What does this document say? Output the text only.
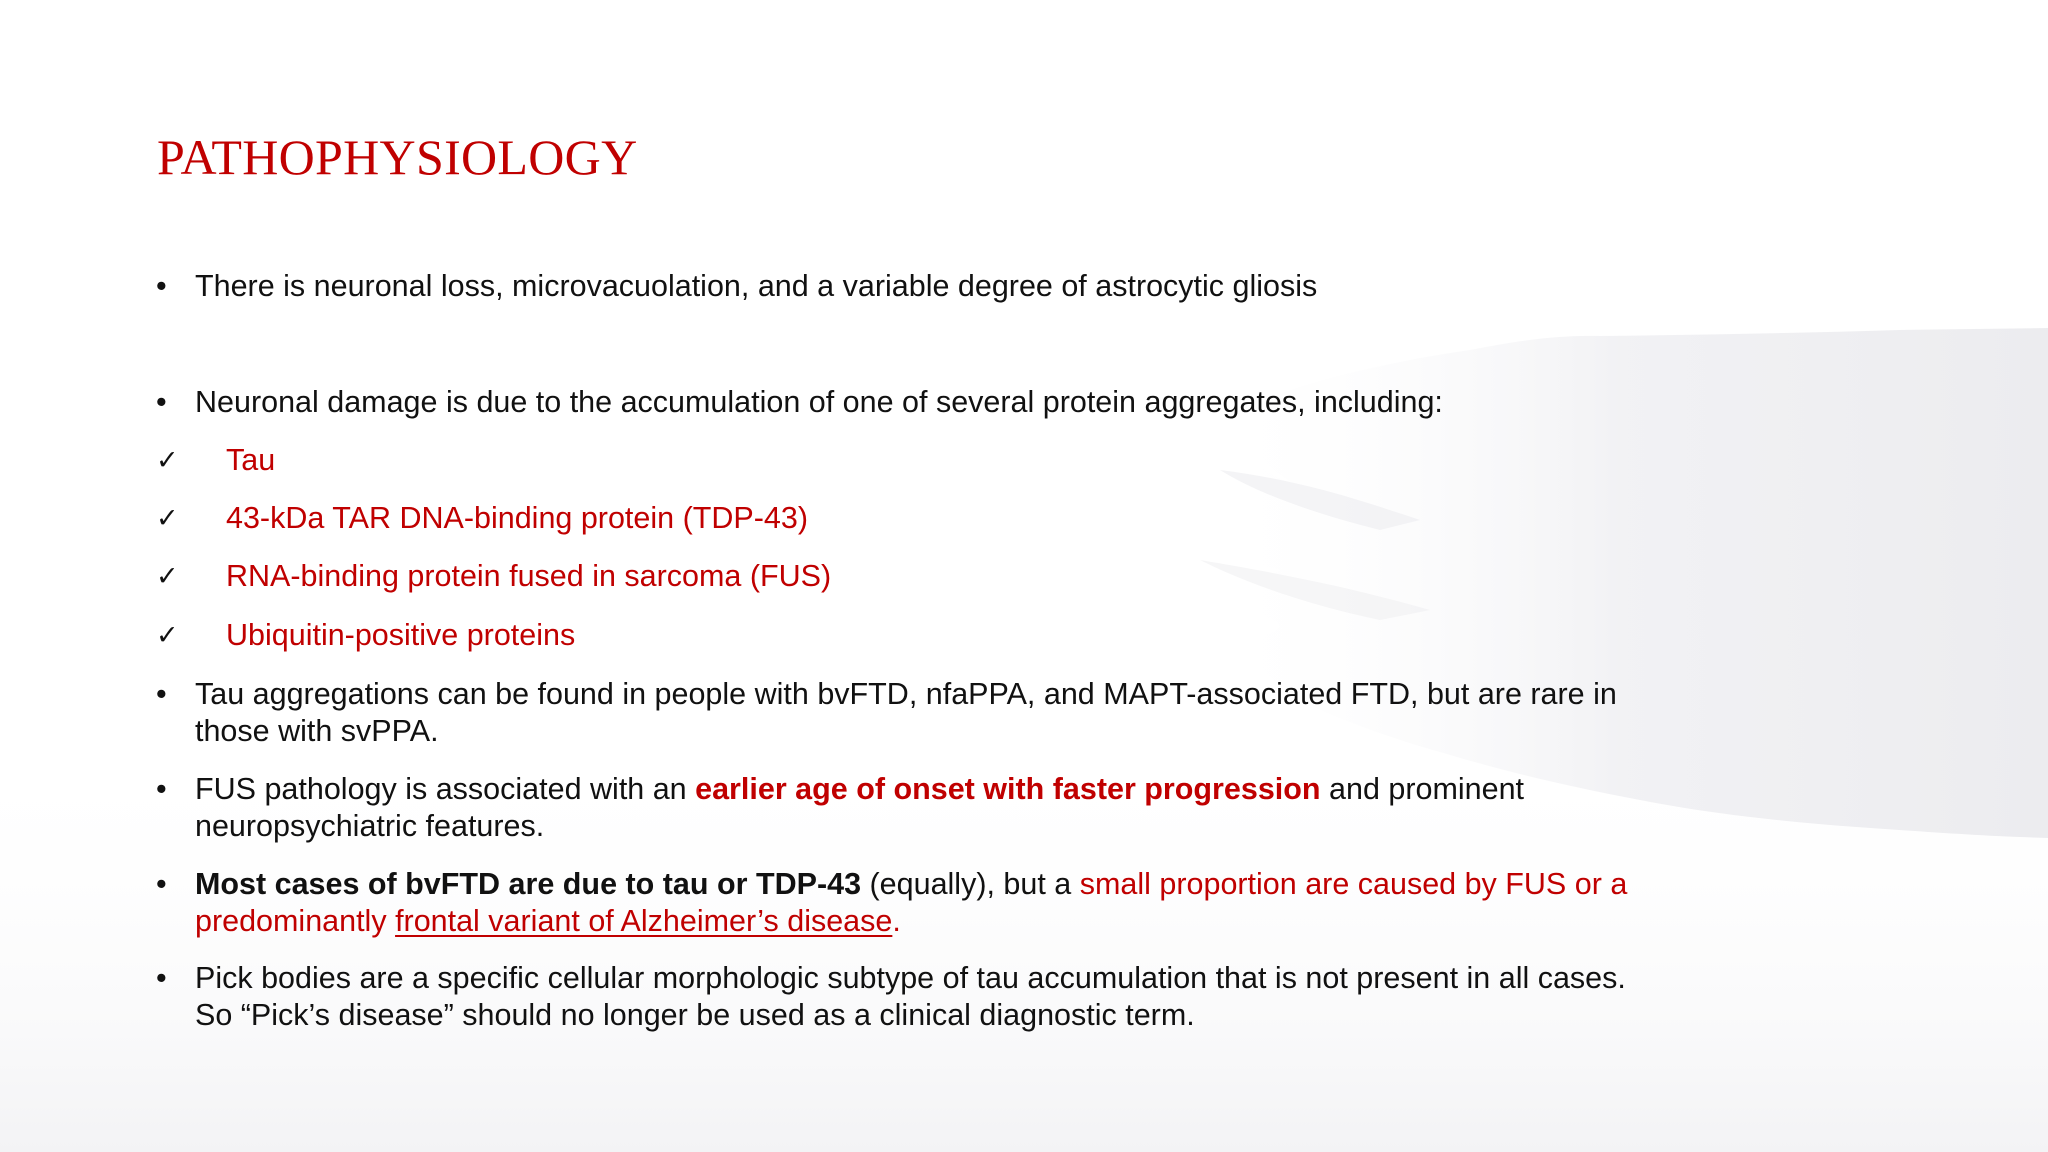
PATHOPHYSIOLOGY
• There is neuronal loss, microvacuolation, and a variable degree of astrocytic gliosis
• Neuronal damage is due to the accumulation of one of several protein aggregates, including:
✓ Tau
✓ 43-kDa TAR DNA-binding protein (TDP-43)
✓ RNA-binding protein fused in sarcoma (FUS)
✓ Ubiquitin-positive proteins
• Tau aggregations can be found in people with bvFTD, nfaPPA, and MAPT-associated FTD, but are rare in
those with svPPA.
• FUS pathology is associated with an earlier age of onset with faster progression and prominent
neuropsychiatric features.
• Most cases of bvFTD are due to tau or TDP-43 (equally), but a small proportion are caused by FUS or a
predominantly frontal variant of Alzheimer’s disease.
• Pick bodies are a specific cellular morphologic subtype of tau accumulation that is not present in all cases.
So “Pick’s disease” should no longer be used as a clinical diagnostic term.
